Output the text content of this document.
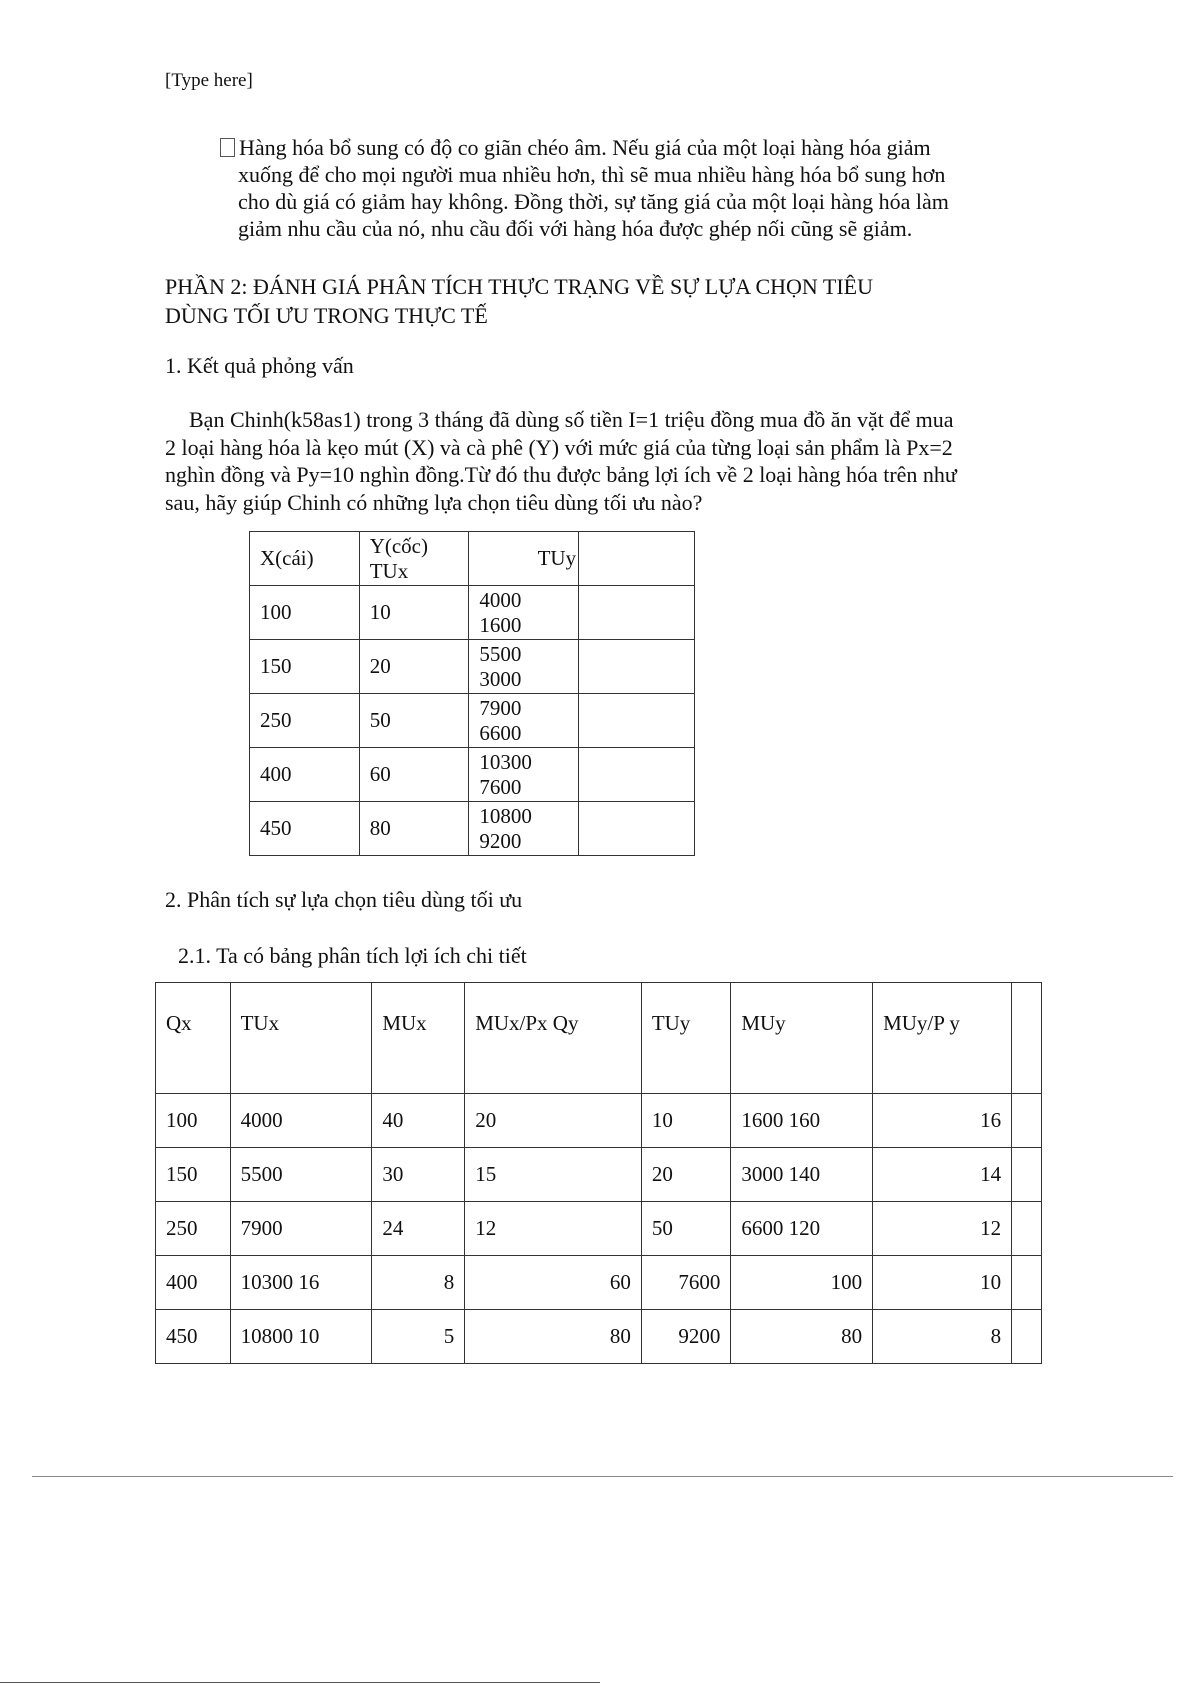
[Type here]
Hàng hóa bổ sung có độ co giãn chéo âm. Nếu giá của một loại hàng hóa giảm
xuống để cho mọi người mua nhiều hơn, thì sẽ mua nhiều hàng hóa bổ sung hơn
cho dù giá có giảm hay không. Đồng thời, sự tăng giá của một loại hàng hóa làm
giảm nhu cầu của nó, nhu cầu đối với hàng hóa được ghép nối cũng sẽ giảm.
PHẦN 2: ĐÁNH GIÁ PHÂN TÍCH THỰC TRẠNG VỀ SỰ LỰA CHỌN TIÊU
DÙNG TỐI ƯU TRONG THỰC TẾ
1. Kết quả phỏng vấn
Bạn Chinh(k58as1) trong 3 tháng đã dùng số tiền I=1 triệu đồng mua đồ ăn vặt để mua
2 loại hàng hóa là kẹo mút (X) và cà phê (Y) với mức giá của từng loại sản phẩm là Px=2
nghìn đồng và Py=10 nghìn đồng.Từ đó thu được bảng lợi ích về 2 loại hàng hóa trên như
sau, hãy giúp Chinh có những lựa chọn tiêu dùng tối ưu nào?
X(cái)	Y(cốc) TUx	TUy	
100	10	4000 1600	
150	20	5500 3000	
250	50	7900 6600	
400	60	10300 7600	
450	80	10800 9200	
2. Phân tích sự lựa chọn tiêu dùng tối ưu
2.1. Ta có bảng phân tích lợi ích chi tiết
Qx	TUx	MUx	MUx/Px Qy	TUy	MUy	MUy/P y	
100	4000	40	20	10	1600 160	16	
150	5500	30	15	20	3000 140	14	
250	7900	24	12	50	6600 120	12	
400	10300 16	8	60	7600	100	10	
450	10800 10	5	80	9200	80	8	
